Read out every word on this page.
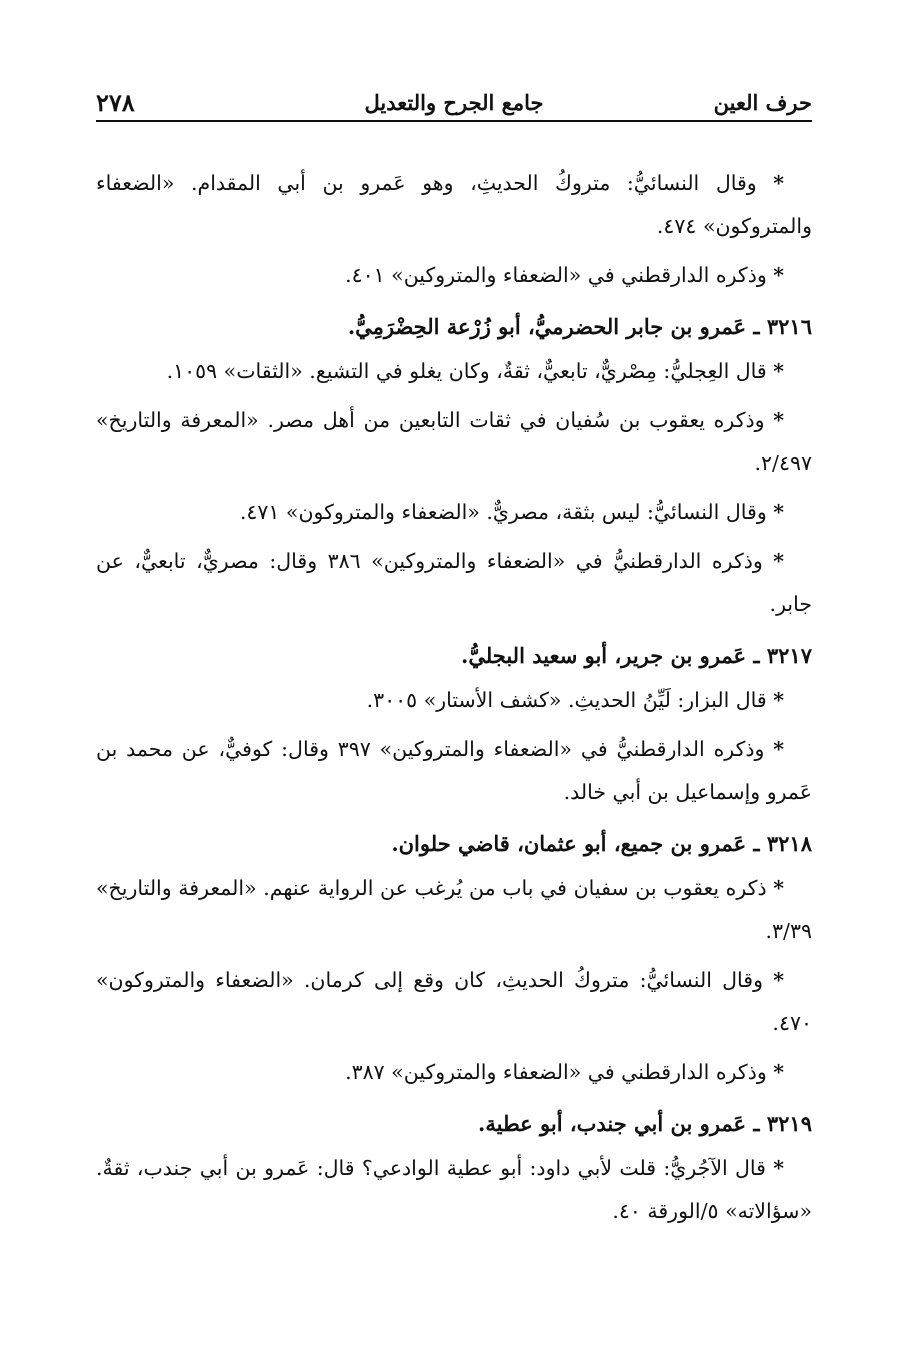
٢٧٨	جامع الجرح والتعديل	حرف العين
* وقال النسائيُّ: متروكُ الحديثِ، وهو عَمرو بن أبي المقدام. «الضعفاء والمتروكون» ٤٧٤.
* وذكره الدارقطني في «الضعفاء والمتروكين» ٤٠١.
٣٢١٦ ـ عَمرو بن جابر الحضرميُّ، أبو زُرْعة الحِضْرَمِيُّ.
* قال العِجليُّ: مِصْريٌّ، تابعيٌّ، ثقةٌ، وكان يغلو في التشيع. «الثقات» ١٠٥٩.
* وذكره يعقوب بن سُفيان في ثقات التابعين من أهل مصر. «المعرفة والتاريخ» ٢/٤٩٧.
* وقال النسائيُّ: ليس بثقة، مصريٌّ. «الضعفاء والمتروكون» ٤٧١.
* وذكره الدارقطنيُّ في «الضعفاء والمتروكين» ٣٨٦ وقال: مصريٌّ، تابعيٌّ، عن جابر.
٣٢١٧ ـ عَمرو بن جرير، أبو سعيد البجليُّ.
* قال البزار: لَيِّنُ الحديثِ. «كشف الأستار» ٣٠٠٥.
* وذكره الدارقطنيُّ في «الضعفاء والمتروكين» ٣٩٧ وقال: كوفيٌّ، عن محمد بن عَمرو وإسماعيل بن أبي خالد.
٣٢١٨ ـ عَمرو بن جميع، أبو عثمان، قاضي حلوان.
* ذكره يعقوب بن سفيان في باب من يُرغب عن الرواية عنهم. «المعرفة والتاريخ» ٣/٣٩.
* وقال النسائيُّ: متروكُ الحديثِ، كان وقع إلى كرمان. «الضعفاء والمتروكون» ٤٧٠.
* وذكره الدارقطني في «الضعفاء والمتروكين» ٣٨٧.
٣٢١٩ ـ عَمرو بن أبي جندب، أبو عطية.
* قال الآجُريُّ: قلت لأبي داود: أبو عطية الوادعي؟ قال: عَمرو بن أبي جندب، ثقةٌ. «سؤالاته» ٥/الورقة ٤٠.
